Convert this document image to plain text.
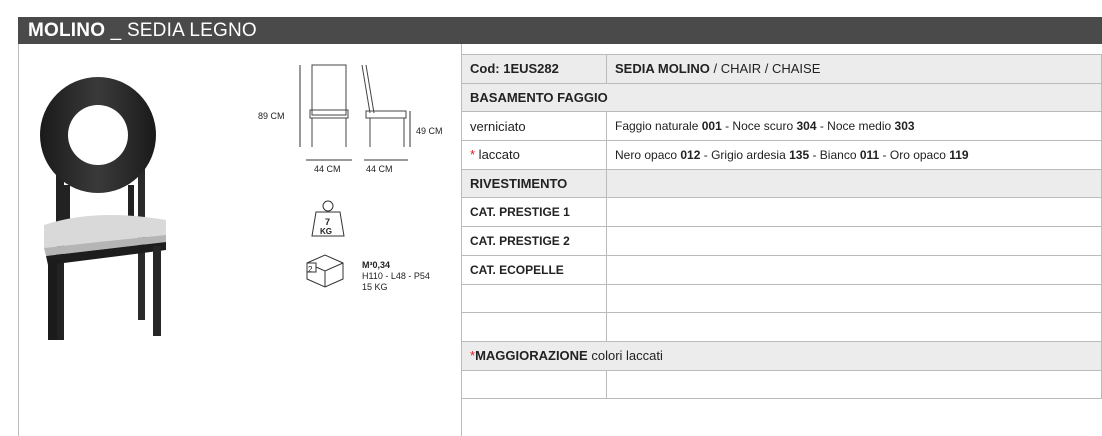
MOLINO _ SEDIA LEGNO
89 CM
49 CM
44 CM	44 CM
7
KG
2	M³0,34
H110 - L48 - P54
15 KG
Cod: 1EUS282	SEDIA MOLINO / CHAIR / CHAISE
BASAMENTO FAGGIO	
verniciato	Faggio naturale 001 - Noce scuro 304 - Noce medio 303
* laccato	Nero opaco 012 - Grigio ardesia 135 - Bianco 011 - Oro opaco 119
RIVESTIMENTO	
CAT. PRESTIGE 1	
CAT. PRESTIGE 2	
CAT. ECOPELLE	

*MAGGIORAZIONE colori laccati	
